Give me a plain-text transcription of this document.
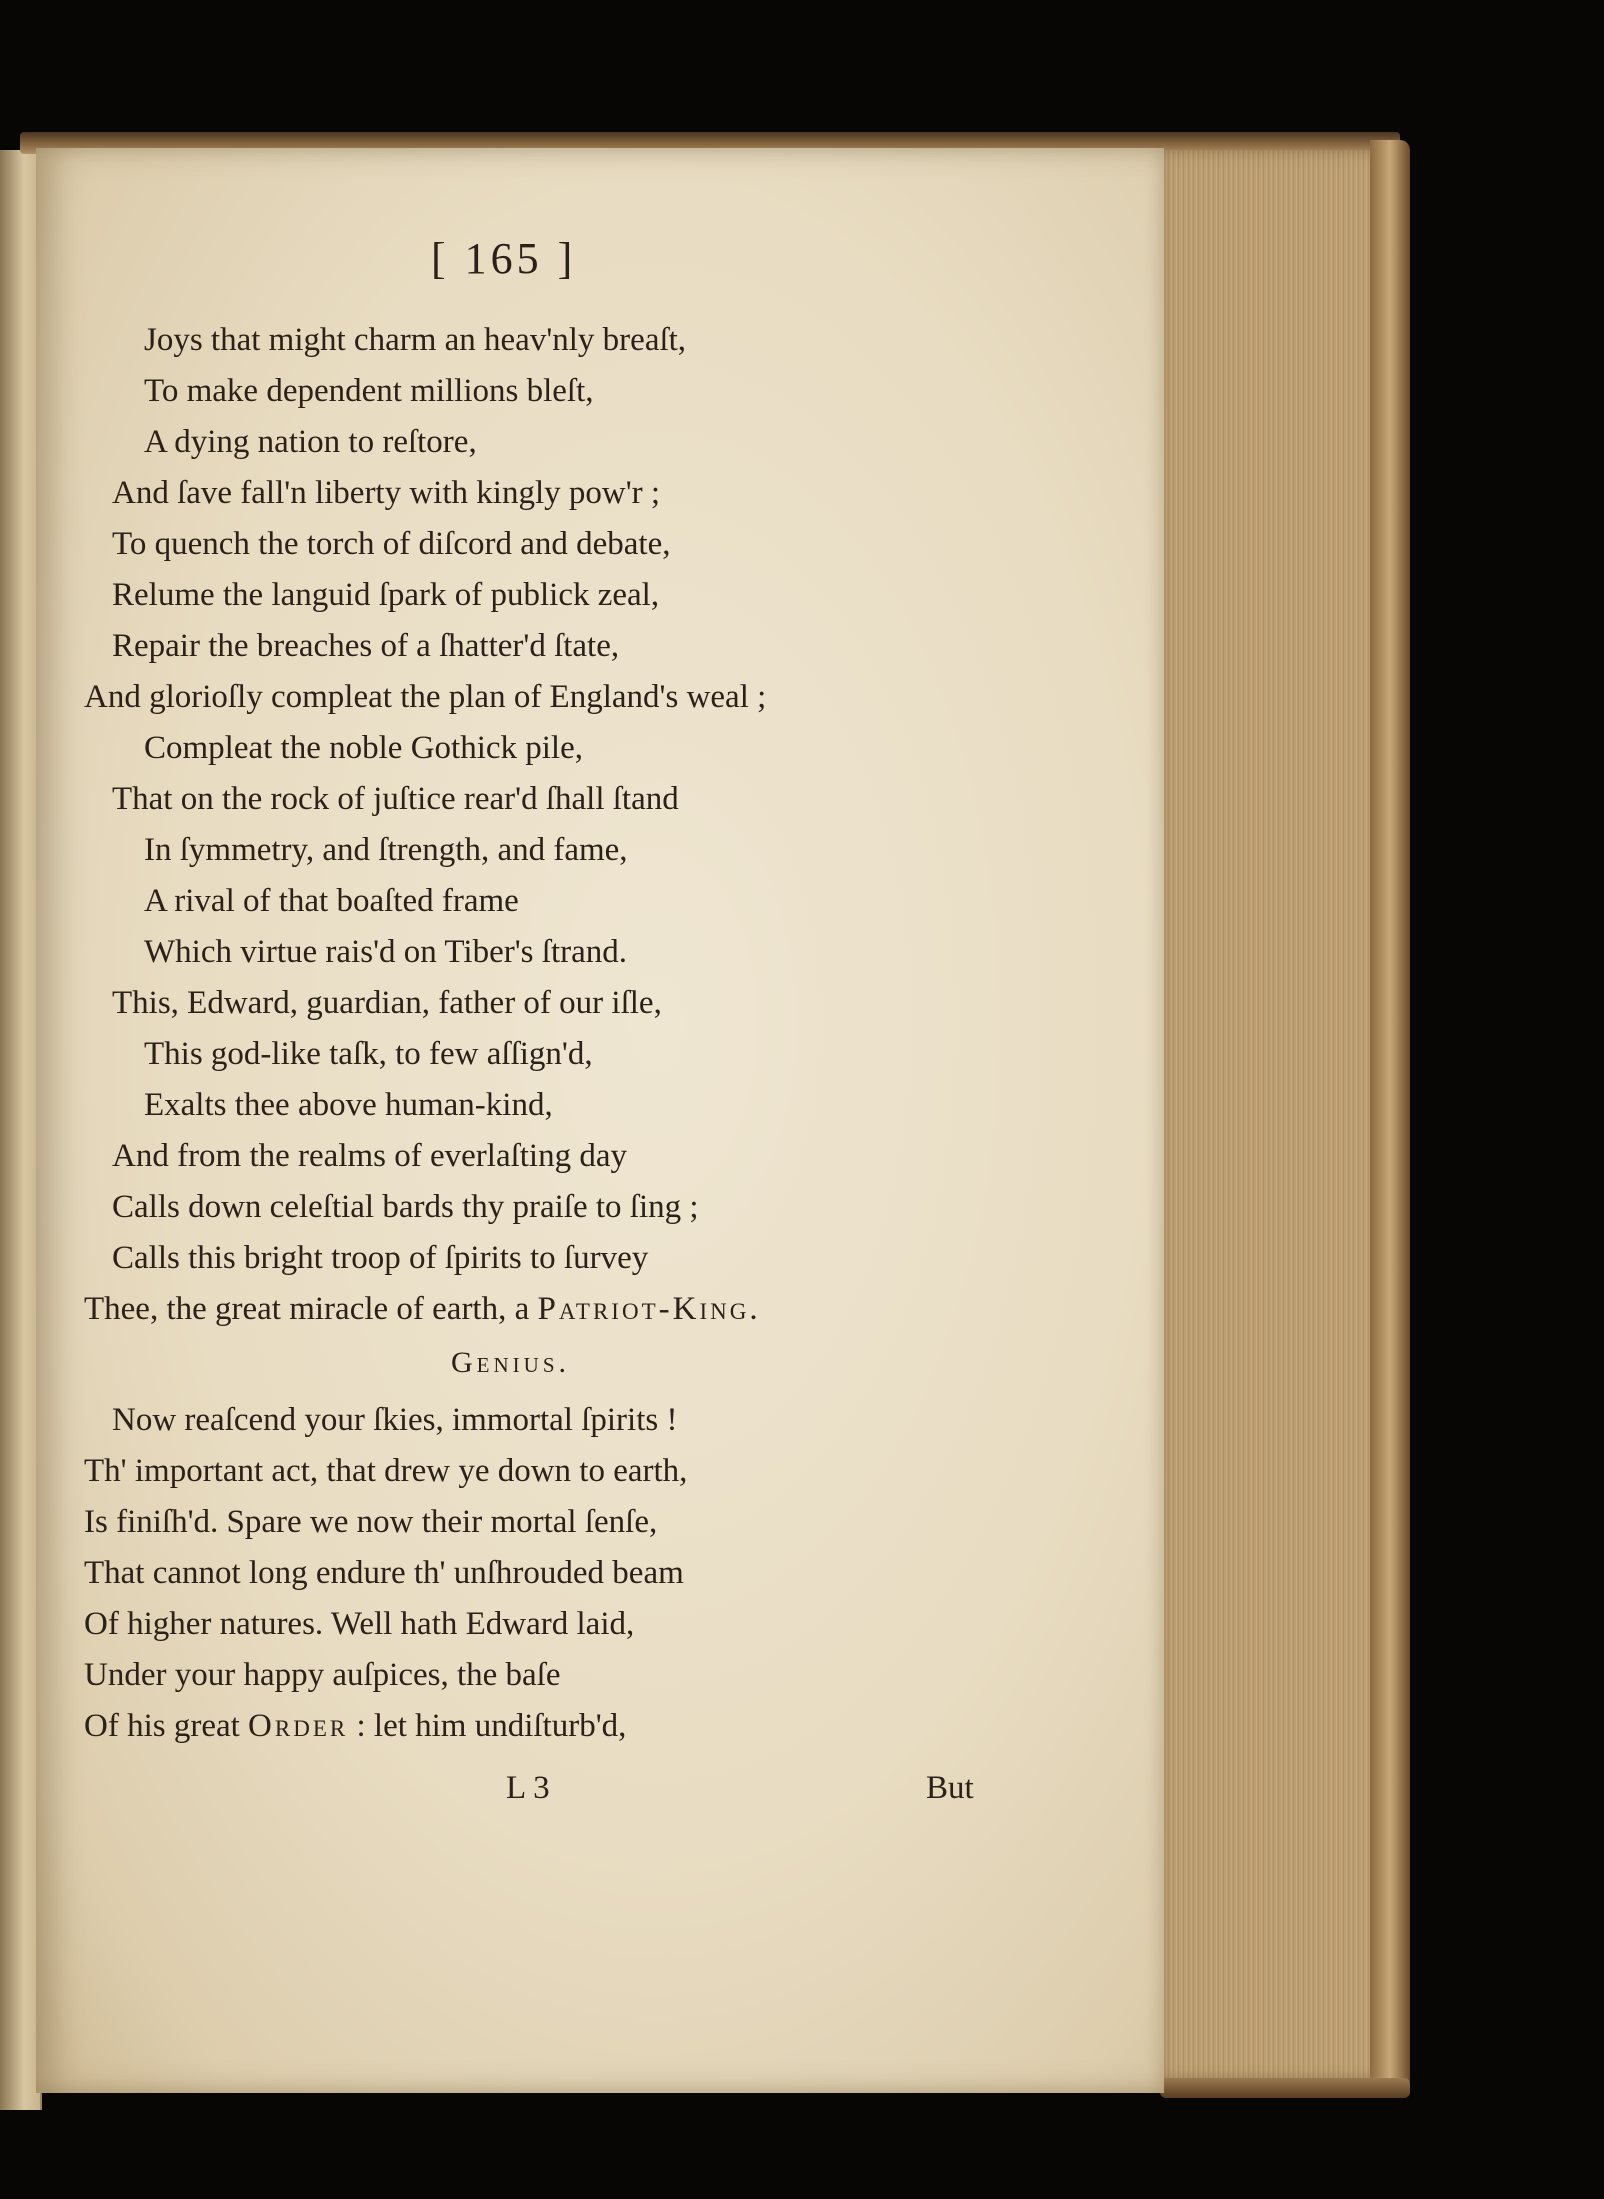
[ 165 ]
Joys that might charm an heav'nly breaſt,
To make dependent millions bleſt,
A dying nation to reſtore,
And ſave fall'n liberty with kingly pow'r ;
To quench the torch of diſcord and debate,
Relume the languid ſpark of publick zeal,
Repair the breaches of a ſhatter'd ſtate,
And glorioſly compleat the plan of England's weal ;
Compleat the noble Gothick pile,
That on the rock of juſtice rear'd ſhall ſtand
In ſymmetry, and ſtrength, and fame,
A rival of that boaſted frame
Which virtue rais'd on Tiber's ſtrand.
This, Edward, guardian, father of our iſle,
This god-like taſk, to few aſſign'd,
Exalts thee above human-kind,
And from the realms of everlaſting day
Calls down celeſtial bards thy praiſe to ſing ;
Calls this bright troop of ſpirits to ſurvey
Thee, the great miracle of earth, a Patriot-King.
Genius.
Now reaſcend your ſkies, immortal ſpirits !
Th' important act, that drew ye down to earth,
Is finiſh'd. Spare we now their mortal ſenſe,
That cannot long endure th' unſhrouded beam
Of higher natures. Well hath Edward laid,
Under your happy auſpices, the baſe
Of his great Order : let him undiſturb'd,
L 3	But
